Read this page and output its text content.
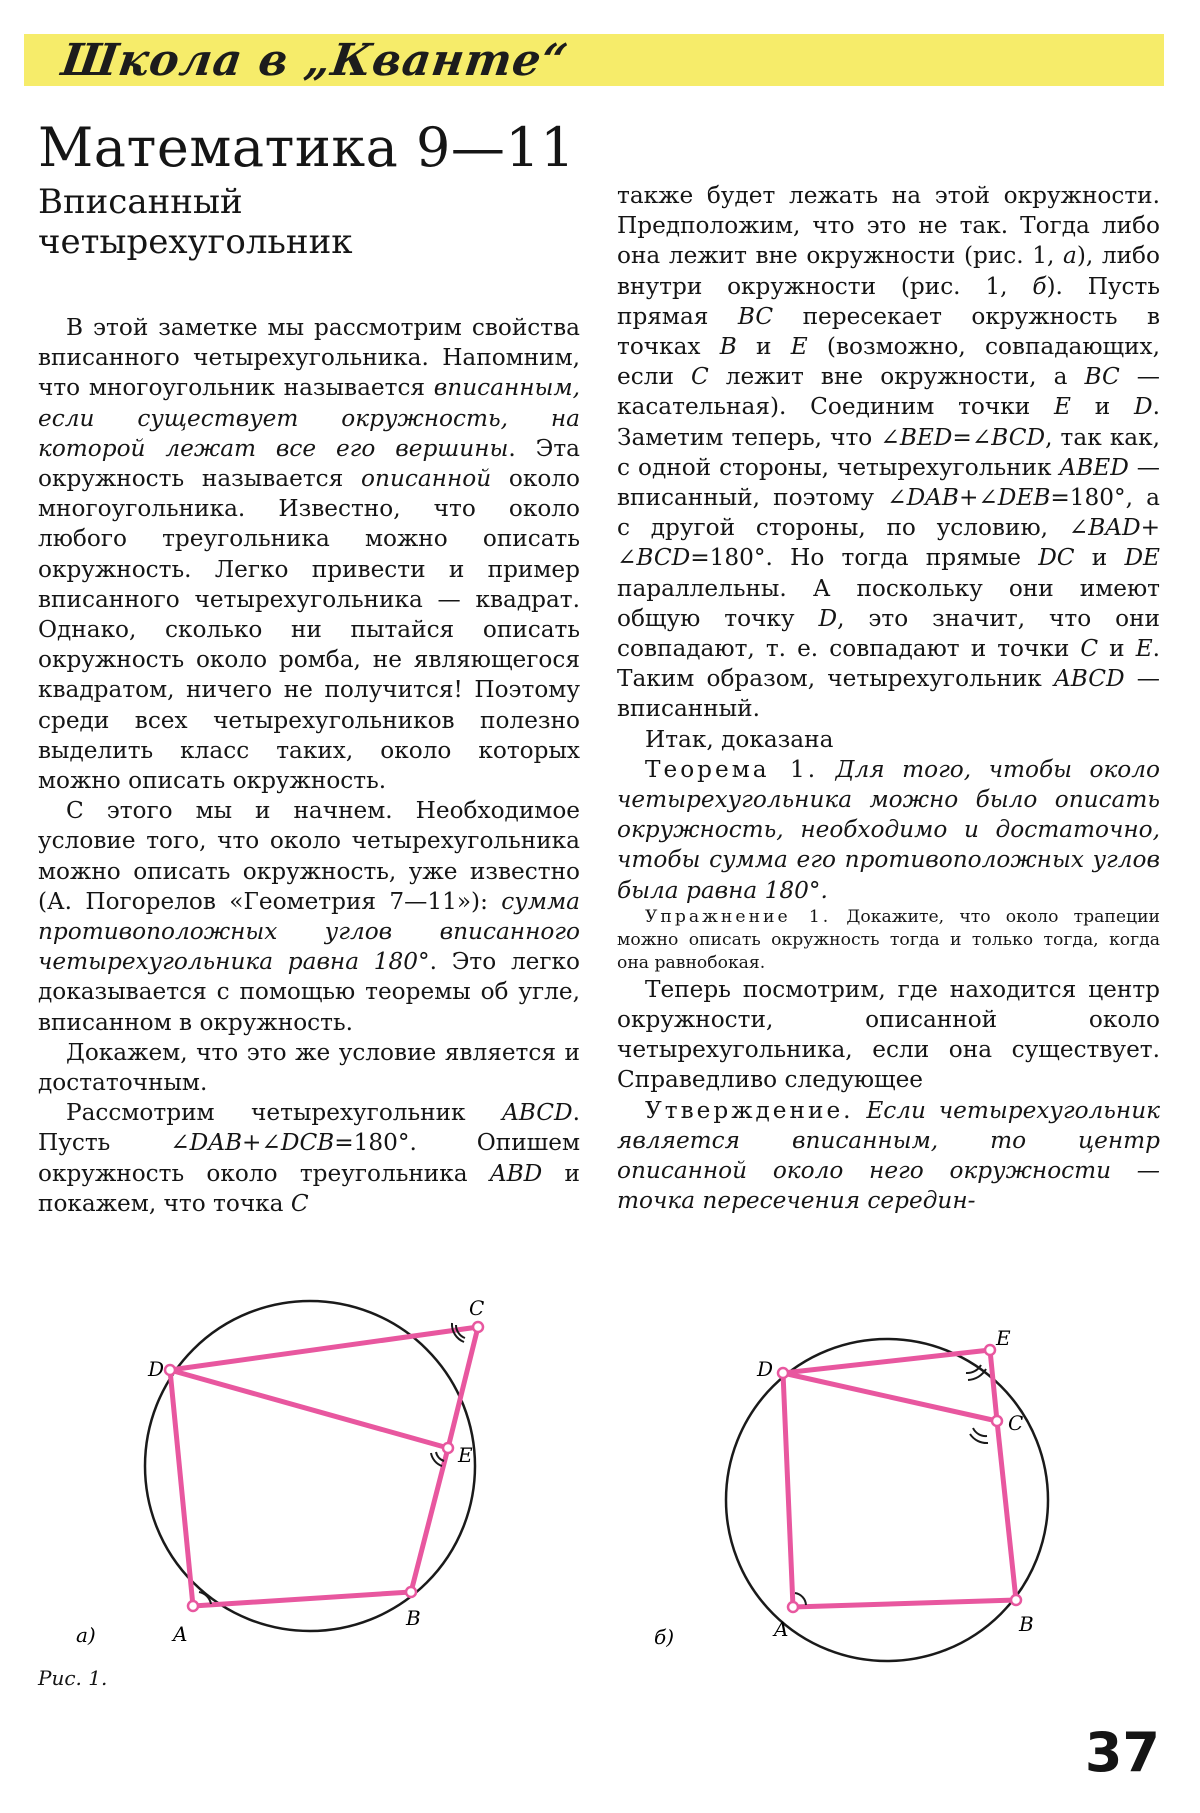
Школа в „Кванте“
Математика 9—11
Вписанный четырехугольник

В этой заметке мы рассмотрим свойства вписанного четырехугольника. Напомним, что многоугольник называется вписанным, если существует окружность, на которой лежат все его вершины. Эта окружность называется описанной около многоугольника. Известно, что около любого треугольника можно описать окружность. Легко привести и пример вписанного четырехугольника — квадрат. Однако, сколько ни пытайся описать окружность около ромба, не являющегося квадратом, ничего не получится! Поэтому среди всех четырехугольников полезно выделить класс таких, около которых можно описать окружность.

С этого мы и начнем. Необходимое условие того, что около четырехугольника можно описать окружность, уже известно (А. Погорелов «Геометрия 7—11»): сумма противоположных углов вписанного четырехугольника равна 180°. Это легко доказывается с помощью теоремы об угле, вписанном в окружность.

Докажем, что это же условие является и достаточным.

Рассмотрим четырехугольник ABCD. Пусть ∠DAB+∠DCB=180°. Опишем окружность около треугольника ABD и покажем, что точка C

также будет лежать на этой окружности. Предположим, что это не так. Тогда либо она лежит вне окружности (рис. 1, а), либо внутри окружности (рис. 1, б). Пусть прямая BC пересекает окружность в точках B и E (возможно, совпадающих, если C лежит вне окружности, а BC — касательная). Соединим точки E и D. Заметим теперь, что ∠BED=∠BCD, так как, с одной стороны, четырехугольник ABED — вписанный, поэтому ∠DAB+∠DEB=180°, а с другой стороны, по условию, ∠BAD+ ∠BCD=180°. Но тогда прямые DC и DE параллельны. А поскольку они имеют общую точку D, это значит, что они совпадают, т. е. совпадают и точки C и E. Таким образом, четырехугольник ABCD — вписанный.

Итак, доказана

Теорема 1. Для того, чтобы около четырехугольника можно было описать окружность, необходимо и достаточно, чтобы сумма его противоположных углов была равна 180°.

Упражнение 1. Докажите, что около трапеции можно описать окружность тогда и только тогда, когда она равнобокая.

Теперь посмотрим, где находится центр окружности, описанной около четырехугольника, если она существует. Справедливо следующее

Утверждение. Если четырехугольник является вписанным, то центр описанной около него окружности — точка пересечения середин-

A
B
C
D
E
а)	A	B
C
D
E
б)
Рис. 1.
37
